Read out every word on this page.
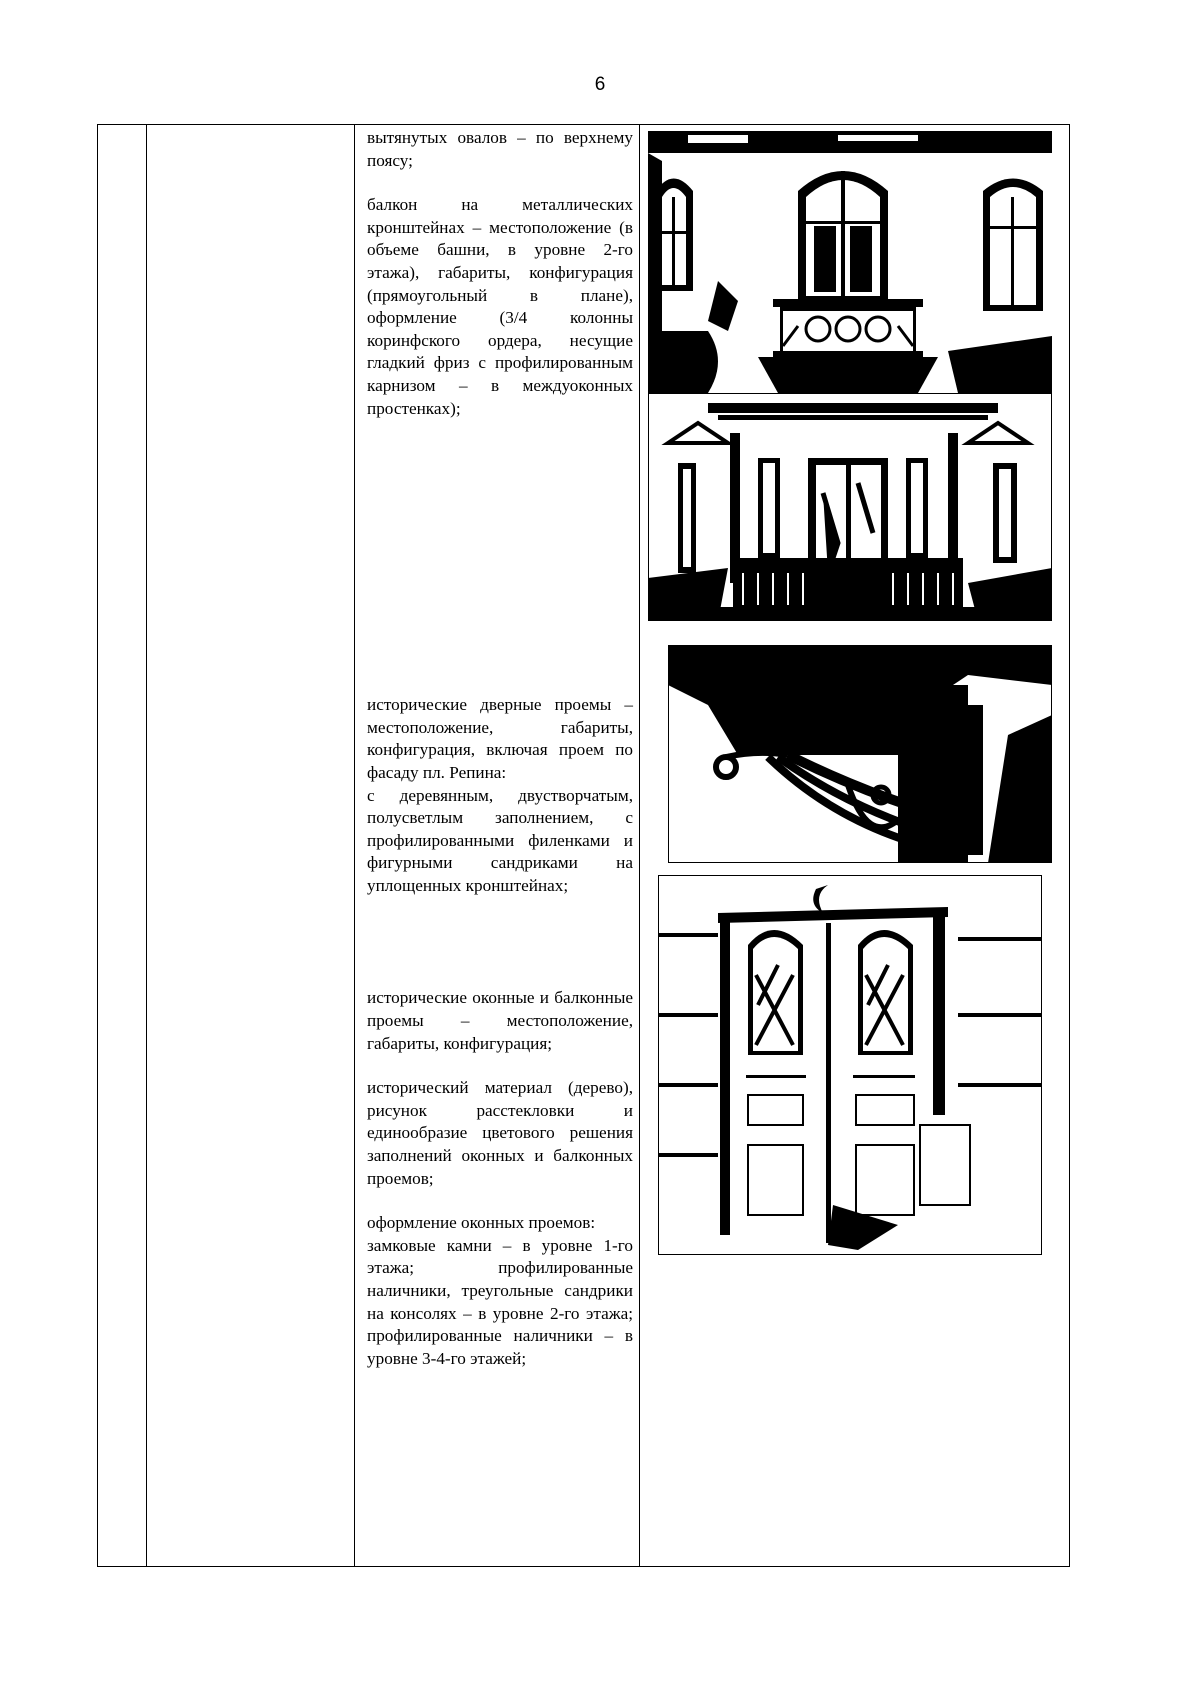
6

вытянутых овалов – по верхнему поясу;

балкон на металлических кронштейнах – местоположение (в объеме башни, в уровне 2-го этажа), габариты, конфигурация (прямоугольный в плане), оформление (3/4 колонны коринфского ордера, несущие гладкий фриз с профилированным карнизом – в междуоконных простенках);

исторические дверные проемы – местоположение, габариты, конфигурация, включая проем по фасаду пл. Репина:

с деревянным, двустворчатым, полусветлым заполнением, с профилированными филенками и фигурными сандриками на уплощенных кронштейнах;

исторические оконные и балконные проемы – местоположение, габариты, конфигурация;

исторический материал (дерево), рисунок расстекловки и единообразие цветового решения заполнений оконных и балконных проемов;

оформление оконных проемов:

замковые камни – в уровне 1-го этажа; профилированные наличники, треугольные сандрики на консолях – в уровне 2-го этажа; профилированные наличники – в уровне 3-4-го этажей;
